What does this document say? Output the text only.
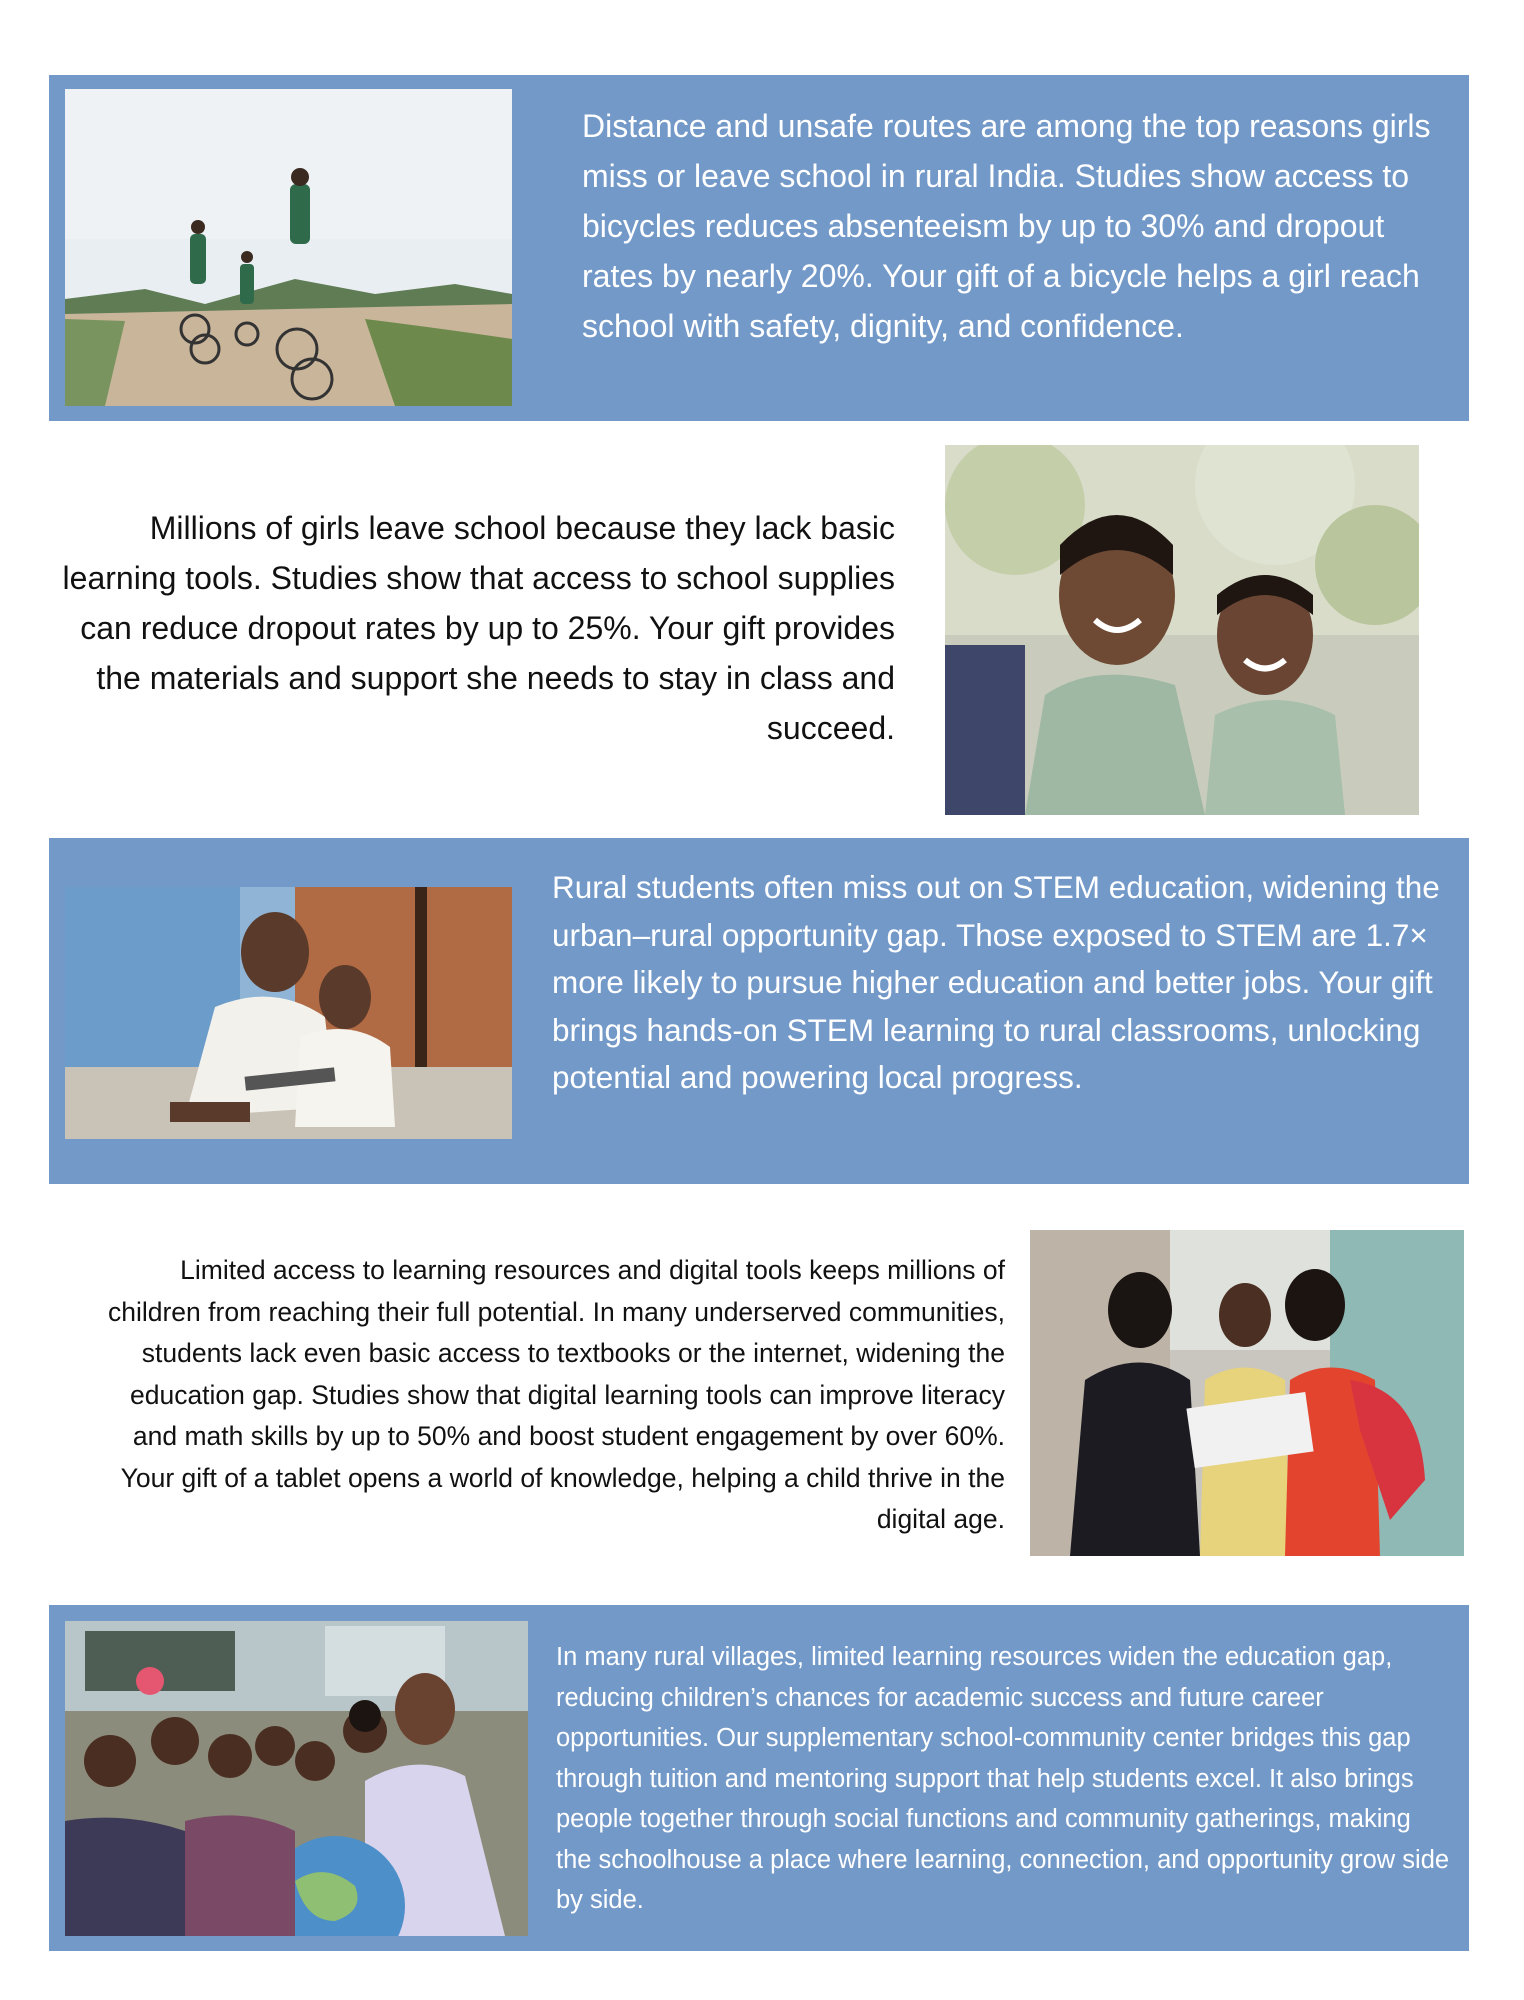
Distance and unsafe routes are among the top reasons girls miss or leave school in rural India. Studies show access to bicycles reduces absenteeism by up to 30% and dropout rates by nearly 20%. Your gift of a bicycle helps a girl reach school with safety, dignity, and confidence.
Millions of girls leave school because they lack basic learning tools. Studies show that access to school supplies can reduce dropout rates by up to 25%. Your gift provides the materials and support she needs to stay in class and succeed.
Rural students often miss out on STEM education, widening the urban–rural opportunity gap. Those exposed to STEM are 1.7× more likely to pursue higher education and better jobs. Your gift brings hands-on STEM learning to rural classrooms, unlocking potential and powering local progress.
Limited access to learning resources and digital tools keeps millions of children from reaching their full potential. In many underserved communities, students lack even basic access to textbooks or the internet, widening the education gap. Studies show that digital learning tools can improve literacy and math skills by up to 50% and boost student engagement by over 60%. Your gift of a tablet opens a world of knowledge, helping a child thrive in the digital age.
In many rural villages, limited learning resources widen the education gap, reducing children’s chances for academic success and future career opportunities. Our supplementary school-community center bridges this gap through tuition and mentoring support that help students excel. It also brings people together through social functions and community gatherings, making the schoolhouse a place where learning, connection, and opportunity grow side by side.
